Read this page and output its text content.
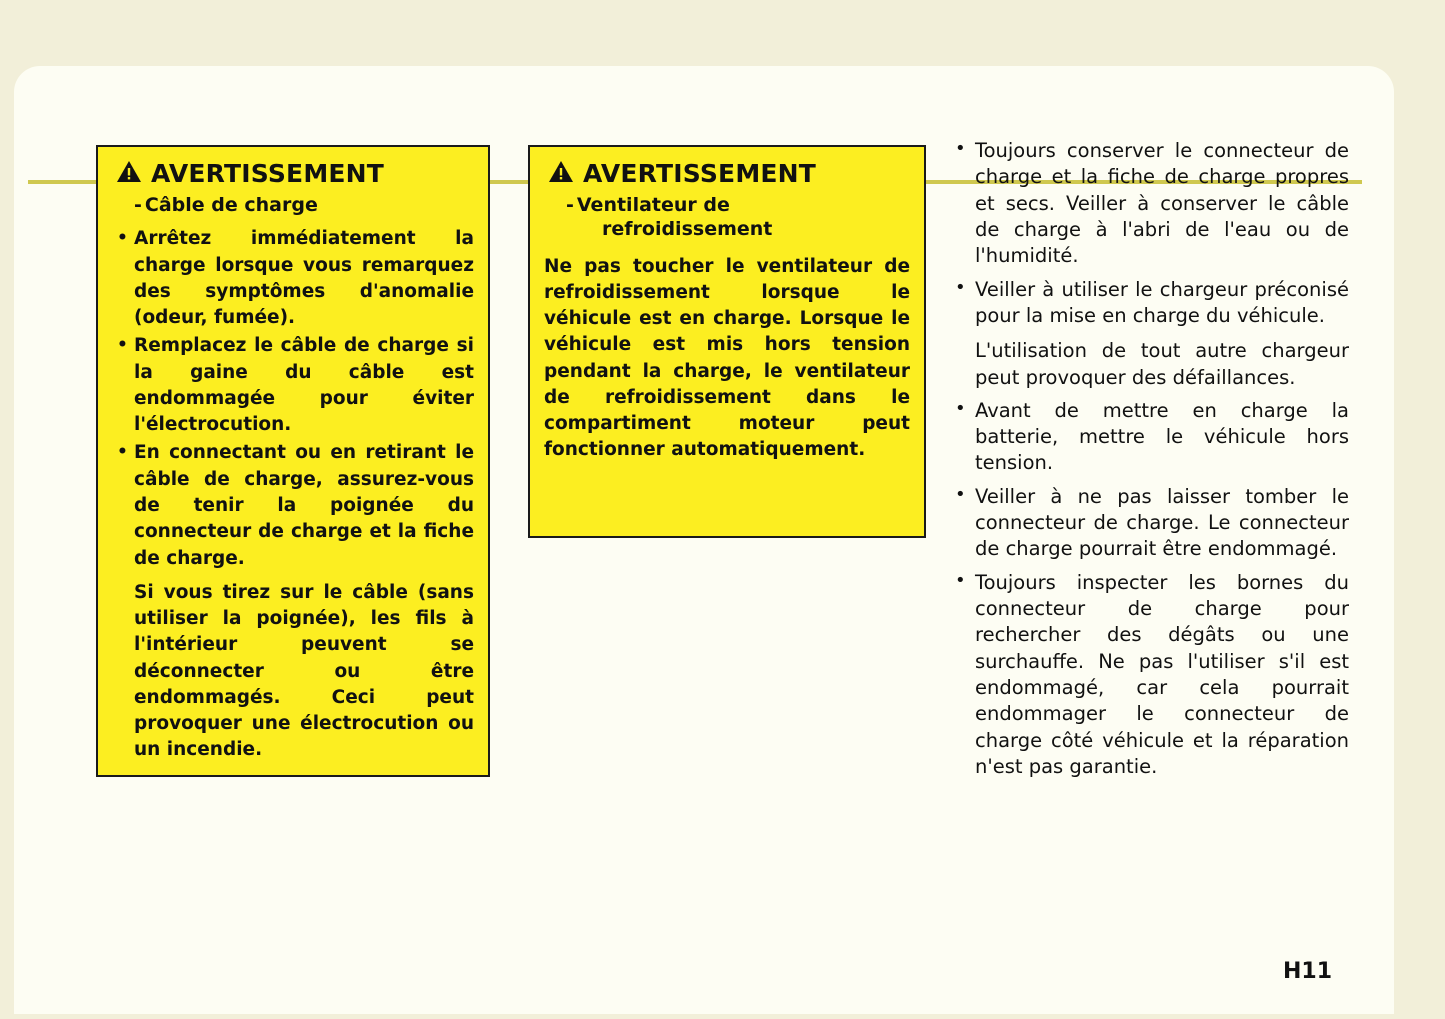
AVERTISSEMENT
- Câble de charge
• Arrêtez immédiatement la charge lorsque vous remarquez des symptômes d'anomalie (odeur, fumée).
• Remplacez le câble de charge si la gaine du câble est endommagée pour éviter l'électrocution.
• En connectant ou en retirant le câble de charge, assurez-vous de tenir la poignée du connecteur de charge et la fiche de charge.
Si vous tirez sur le câble (sans utiliser la poignée), les fils à l'intérieur peuvent se déconnecter ou être endommagés. Ceci peut provoquer une électrocution ou un incendie.
AVERTISSEMENT
- Ventilateur de
refroidissement
Ne pas toucher le ventilateur de refroidissement lorsque le véhicule est en charge. Lorsque le véhicule est mis hors tension pendant la charge, le ventilateur de refroidissement dans le compartiment moteur peut fonctionner automatiquement.
• Toujours conserver le connecteur de charge et la fiche de charge propres et secs. Veiller à conserver le câble de charge à l'abri de l'eau ou de l'humidité.
• Veiller à utiliser le chargeur préconisé pour la mise en charge du véhicule.
L'utilisation de tout autre chargeur peut provoquer des défaillances.
• Avant de mettre en charge la batterie, mettre le véhicule hors tension.
• Veiller à ne pas laisser tomber le connecteur de charge. Le connecteur de charge pourrait être endommagé.
• Toujours inspecter les bornes du connecteur de charge pour rechercher des dégâts ou une surchauffe. Ne pas l'utiliser s'il est endommagé, car cela pourrait endommager le connecteur de charge côté véhicule et la réparation n'est pas garantie.
H11
